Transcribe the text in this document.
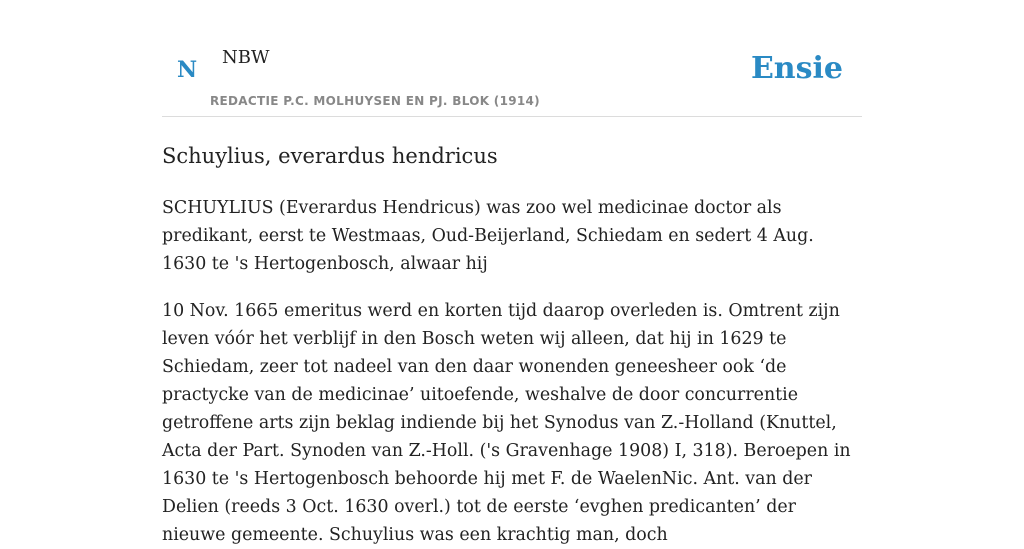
N NBW
REDACTIE P.C. MOLHUYSEN EN PJ. BLOK (1914)
Ensie
Schuylius, everardus hendricus

SCHUYLIUS (Everardus Hendricus) was zoo wel medicinae doctor als predikant, eerst te Westmaas, Oud-Beijerland, Schiedam en sedert 4 Aug. 1630 te 's Hertogenbosch, alwaar hij

10 Nov. 1665 emeritus werd en korten tijd daarop overleden is. Omtrent zijn leven vóór het verblijf in den Bosch weten wij alleen, dat hij in 1629 te Schiedam, zeer tot nadeel van den daar wonenden geneesheer ook ‘de practycke van de medicinae’ uitoefende, weshalve de door concurrentie getroffene arts zijn beklag indiende bij het Synodus van Z.-Holland (Knuttel, Acta der Part. Synoden van Z.-Holl. ('s Gravenhage 1908) I, 318). Beroepen in 1630 te 's Hertogenbosch behoorde hij met F. de WaelenNic. Ant. van der Delien (reeds 3 Oct. 1630 overl.) tot de eerste ‘evghen predicanten’ der nieuwe gemeente. Schuylius was een krachtig man, doch
